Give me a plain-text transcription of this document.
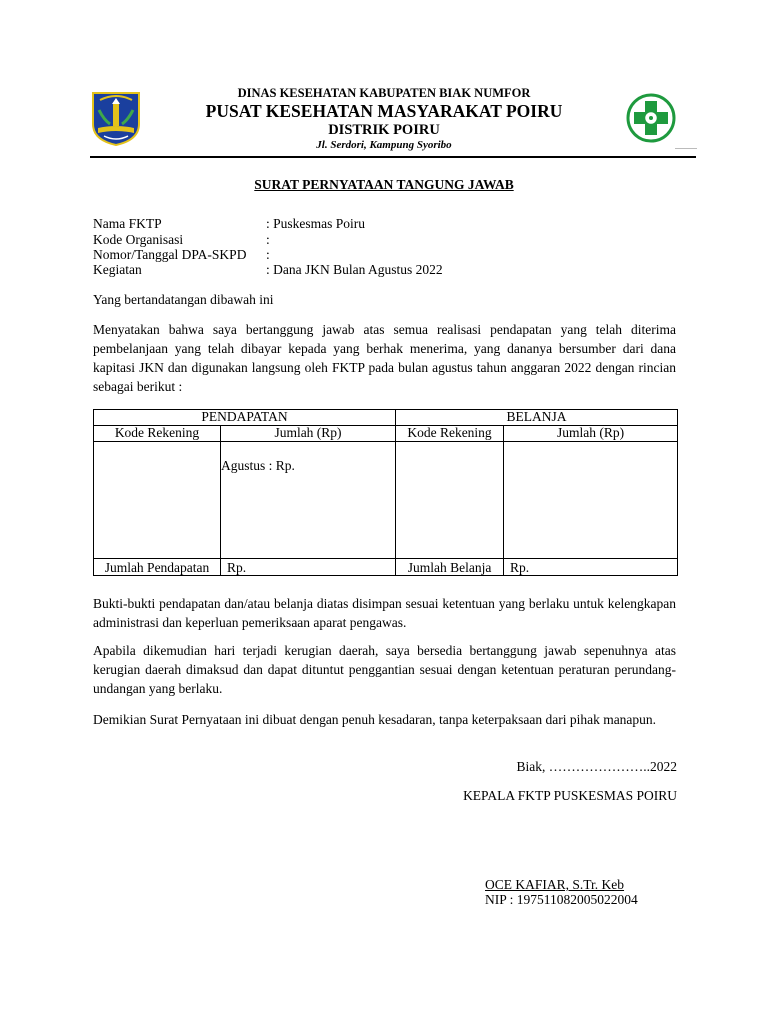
DINAS KESEHATAN KABUPATEN BIAK NUMFOR
PUSAT KESEHATAN MASYARAKAT POIRU
DISTRIK POIRU
Jl. Serdori, Kampung Syoribo
SURAT PERNYATAAN TANGUNG JAWAB
Nama FKTP	: Puskesmas Poiru
Kode Organisasi	:
Nomor/Tanggal DPA-SKPD :
Kegiatan	: Dana JKN Bulan Agustus 2022
Yang bertandatangan dibawah ini
Menyatakan bahwa saya bertanggung jawab atas semua realisasi pendapatan yang telah diterima pembelanjaan yang telah dibayar kepada yang berhak menerima, yang dananya bersumber dari dana kapitasi JKN dan digunakan langsung oleh FKTP pada bulan agustus tahun anggaran 2022 dengan rincian sebagai berikut :
PENDAPATAN		BELANJA	
Kode Rekening	Jumlah (Rp)	Kode Rekening	Jumlah (Rp)
	Agustus : Rp.		
Jumlah Pendapatan	Rp.	Jumlah Belanja	Rp.
Bukti-bukti pendapatan dan/atau belanja diatas disimpan sesuai ketentuan yang berlaku untuk kelengkapan administrasi dan keperluan pemeriksaan aparat pengawas.
Apabila dikemudian hari terjadi kerugian daerah, saya bersedia bertanggung jawab sepenuhnya atas kerugian daerah dimaksud dan dapat dituntut penggantian sesuai dengan ketentuan peraturan perundang-undangan yang berlaku.
Demikian Surat Pernyataan ini dibuat dengan penuh kesadaran, tanpa keterpaksaan dari pihak manapun.
Biak, …………………..2022
KEPALA FKTP PUSKESMAS POIRU
OCE KAFIAR, S.Tr. Keb
NIP : 197511082005022004
